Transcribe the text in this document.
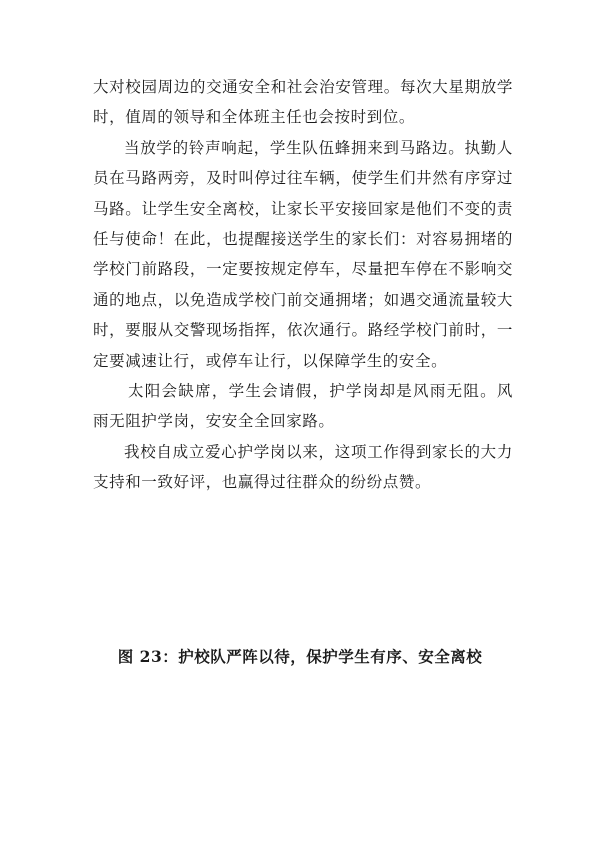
大对校园周边的交通安全和社会治安管理。每次大星期放学时，值周的领导和全体班主任也会按时到位。

当放学的铃声响起，学生队伍蜂拥来到马路边。执勤人员在马路两旁，及时叫停过往车辆，使学生们井然有序穿过马路。让学生安全离校，让家长平安接回家是他们不变的责任与使命！在此，也提醒接送学生的家长们：对容易拥堵的学校门前路段，一定要按规定停车，尽量把车停在不影响交通的地点，以免造成学校门前交通拥堵；如遇交通流量较大时，要服从交警现场指挥，依次通行。路经学校门前时，一定要减速让行，或停车让行，以保障学生的安全。

太阳会缺席，学生会请假，护学岗却是风雨无阻。风雨无阻护学岗，安安全全回家路。

我校自成立爱心护学岗以来，这项工作得到家长的大力支持和一致好评，也赢得过往群众的纷纷点赞。

图 23：护校队严阵以待，保护学生有序、安全离校
